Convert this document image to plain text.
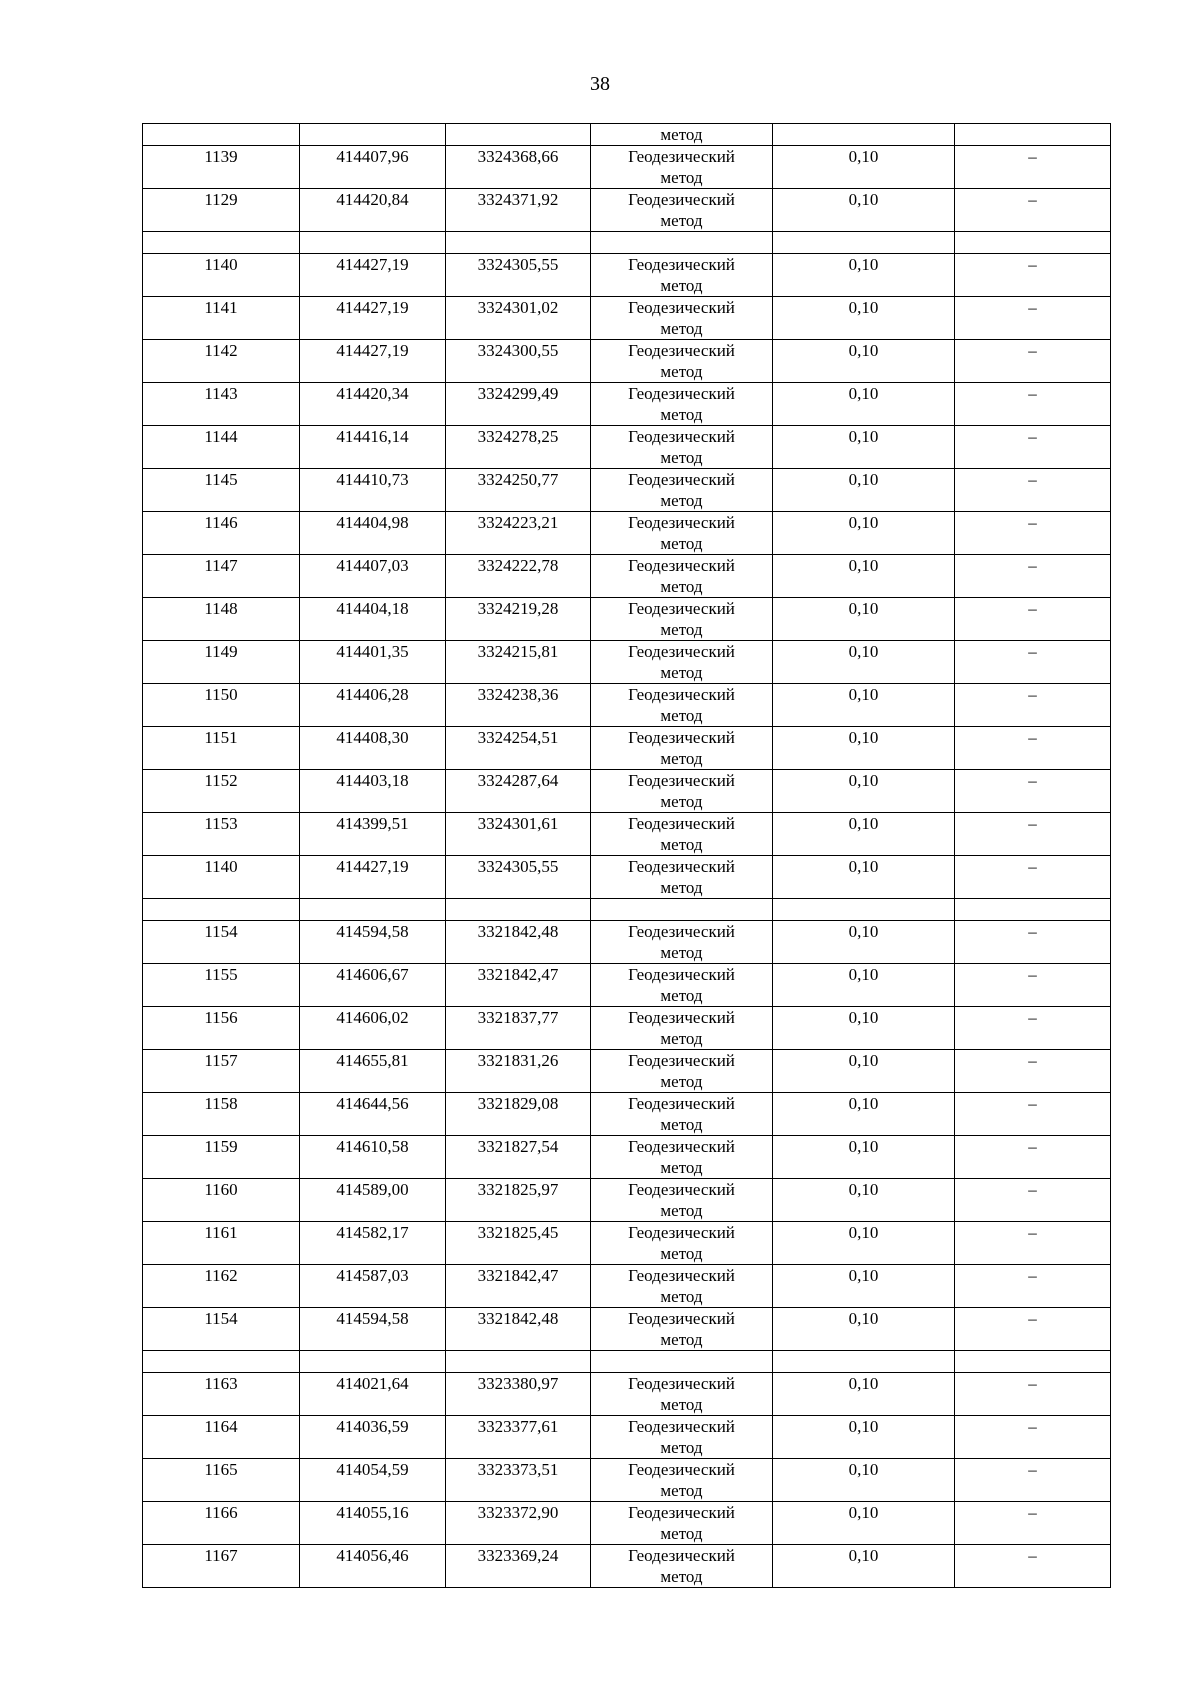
38
			метод		
1139	414407,96	3324368,66	Геодезический
метод	0,10	–
1129	414420,84	3324371,92	Геодезический
метод	0,10	–

1140	414427,19	3324305,55	Геодезический
метод	0,10	–
1141	414427,19	3324301,02	Геодезический
метод	0,10	–
1142	414427,19	3324300,55	Геодезический
метод	0,10	–
1143	414420,34	3324299,49	Геодезический
метод	0,10	–
1144	414416,14	3324278,25	Геодезический
метод	0,10	–
1145	414410,73	3324250,77	Геодезический
метод	0,10	–
1146	414404,98	3324223,21	Геодезический
метод	0,10	–
1147	414407,03	3324222,78	Геодезический
метод	0,10	–
1148	414404,18	3324219,28	Геодезический
метод	0,10	–
1149	414401,35	3324215,81	Геодезический
метод	0,10	–
1150	414406,28	3324238,36	Геодезический
метод	0,10	–
1151	414408,30	3324254,51	Геодезический
метод	0,10	–
1152	414403,18	3324287,64	Геодезический
метод	0,10	–
1153	414399,51	3324301,61	Геодезический
метод	0,10	–
1140	414427,19	3324305,55	Геодезический
метод	0,10	–

1154	414594,58	3321842,48	Геодезический
метод	0,10	–
1155	414606,67	3321842,47	Геодезический
метод	0,10	–
1156	414606,02	3321837,77	Геодезический
метод	0,10	–
1157	414655,81	3321831,26	Геодезический
метод	0,10	–
1158	414644,56	3321829,08	Геодезический
метод	0,10	–
1159	414610,58	3321827,54	Геодезический
метод	0,10	–
1160	414589,00	3321825,97	Геодезический
метод	0,10	–
1161	414582,17	3321825,45	Геодезический
метод	0,10	–
1162	414587,03	3321842,47	Геодезический
метод	0,10	–
1154	414594,58	3321842,48	Геодезический
метод	0,10	–

1163	414021,64	3323380,97	Геодезический
метод	0,10	–
1164	414036,59	3323377,61	Геодезический
метод	0,10	–
1165	414054,59	3323373,51	Геодезический
метод	0,10	–
1166	414055,16	3323372,90	Геодезический
метод	0,10	–
1167	414056,46	3323369,24	Геодезический
метод	0,10	–
